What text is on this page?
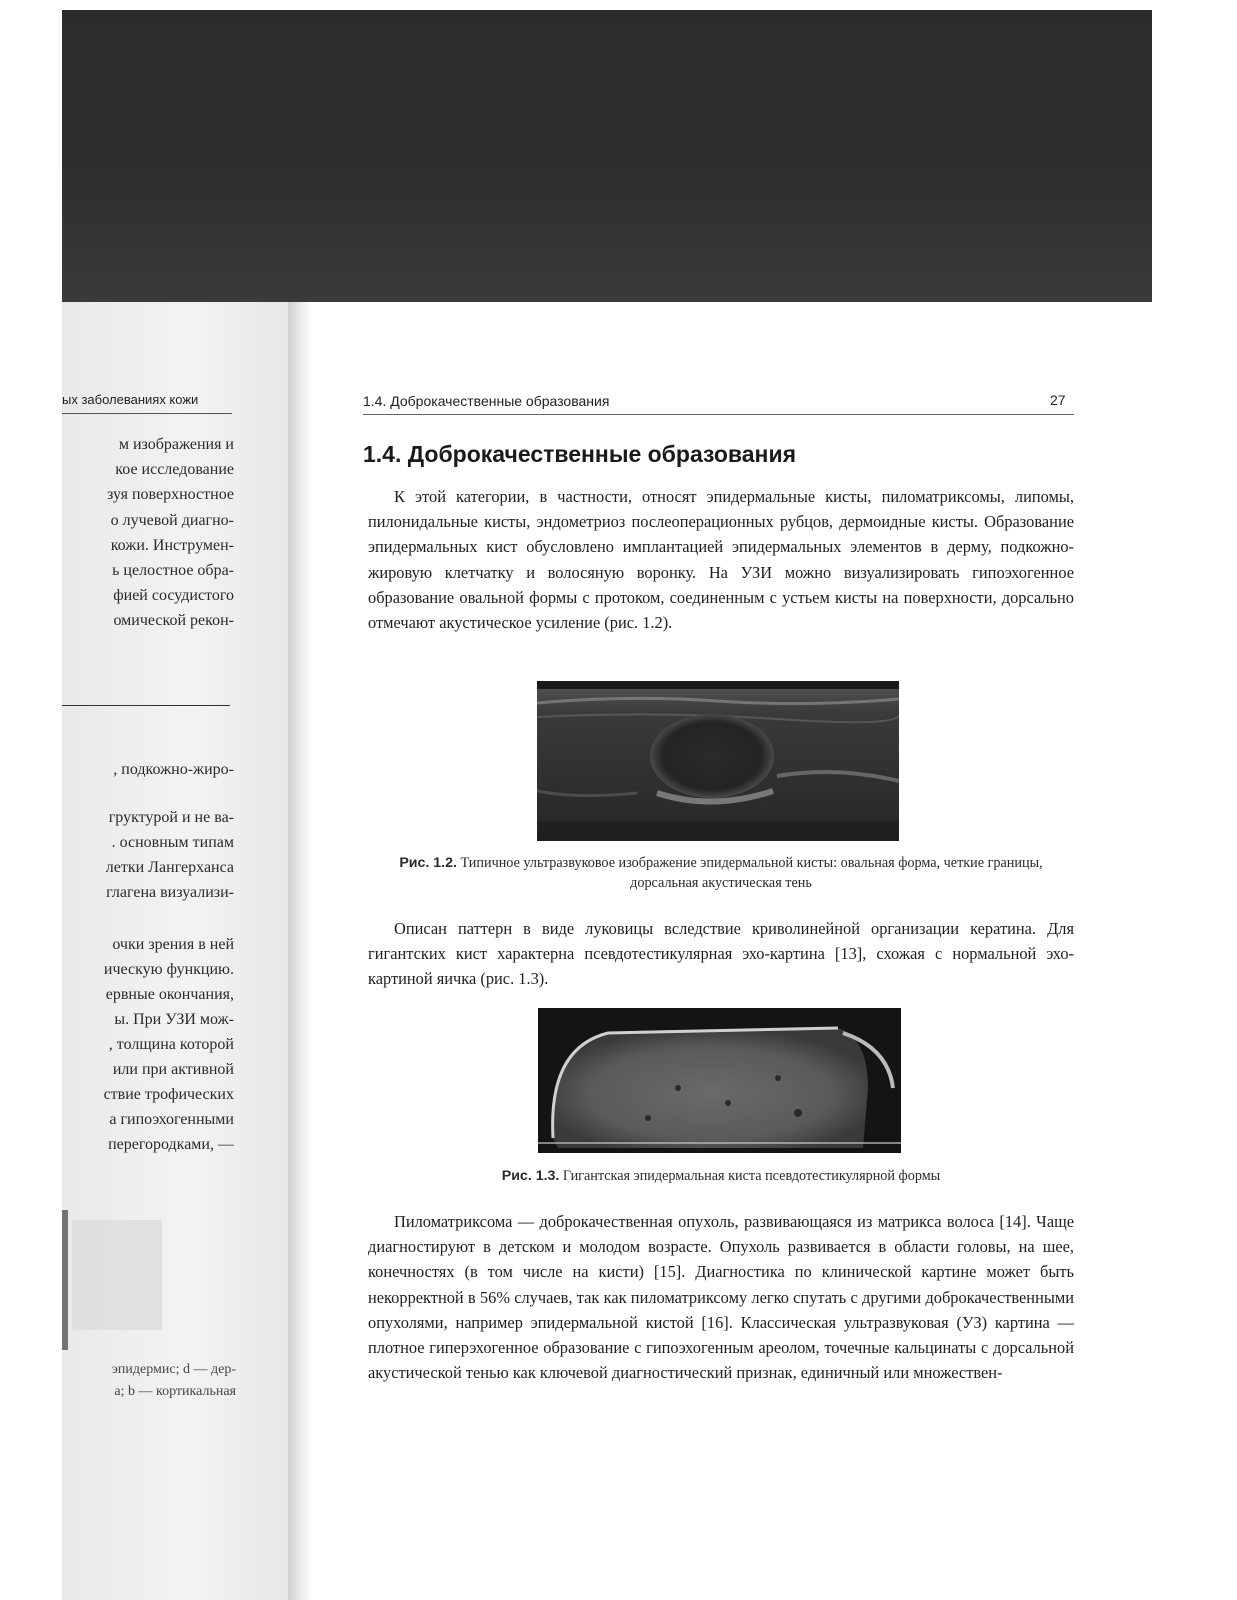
ых заболеваниях кожи
м изображения и
кое исследование
зуя поверхностное
о лучевой диагно-
кожи. Инструмен-
ь целостное обра-
фией сосудистого
омической рекон-
, подкожно-жиро-
груктурой и не ва-
. основным типам
летки Лангерханса
глагена визуализи-
очки зрения в ней
ическую функцию.
ервные окончания,
ы. При УЗИ мож-
, толщина которой
или при активной
ствие трофических
а гипоэхогенными
перегородками, —
эпидермис; d — дер-
а; b — кортикальная
1.4. Доброкачественные образования	27
1.4. Доброкачественные образования

К этой категории, в частности, относят эпидермальные кисты, пиломатриксомы, липомы, пилонидальные кисты, эндометриоз послеоперационных рубцов, дермоидные кисты. Образование эпидермальных кист обусловлено имплантацией эпидермальных элементов в дерму, подкожно-жировую клетчатку и волосяную воронку. На УЗИ можно визуализировать гипоэхогенное образование овальной формы с протоком, соединенным с устьем кисты на поверхности, дорсально отмечают акустическое усиление (рис. 1.2).

Рис. 1.2. Типичное ультразвуковое изображение эпидермальной кисты: овальная форма, четкие границы, дорсальная акустическая тень

Описан паттерн в виде луковицы вследствие криволинейной организации кератина. Для гигантских кист характерна псевдотестикулярная эхо-картина [13], схожая с нормальной эхо-картиной яичка (рис. 1.3).

Рис. 1.3. Гигантская эпидермальная киста псевдотестикулярной формы

Пиломатриксома — доброкачественная опухоль, развивающаяся из матрикса волоса [14]. Чаще диагностируют в детском и молодом возрасте. Опухоль развивается в области головы, на шее, конечностях (в том числе на кисти) [15]. Диагностика по клинической картине может быть некорректной в 56% случаев, так как пиломатриксому легко спутать с другими доброкачественными опухолями, например эпидермальной кистой [16]. Классическая ультразвуковая (УЗ) картина — плотное гиперэхогенное образование с гипоэхогенным ареолом, точечные кальцинаты с дорсальной акустической тенью как ключевой диагностический признак, единичный или множествен-
